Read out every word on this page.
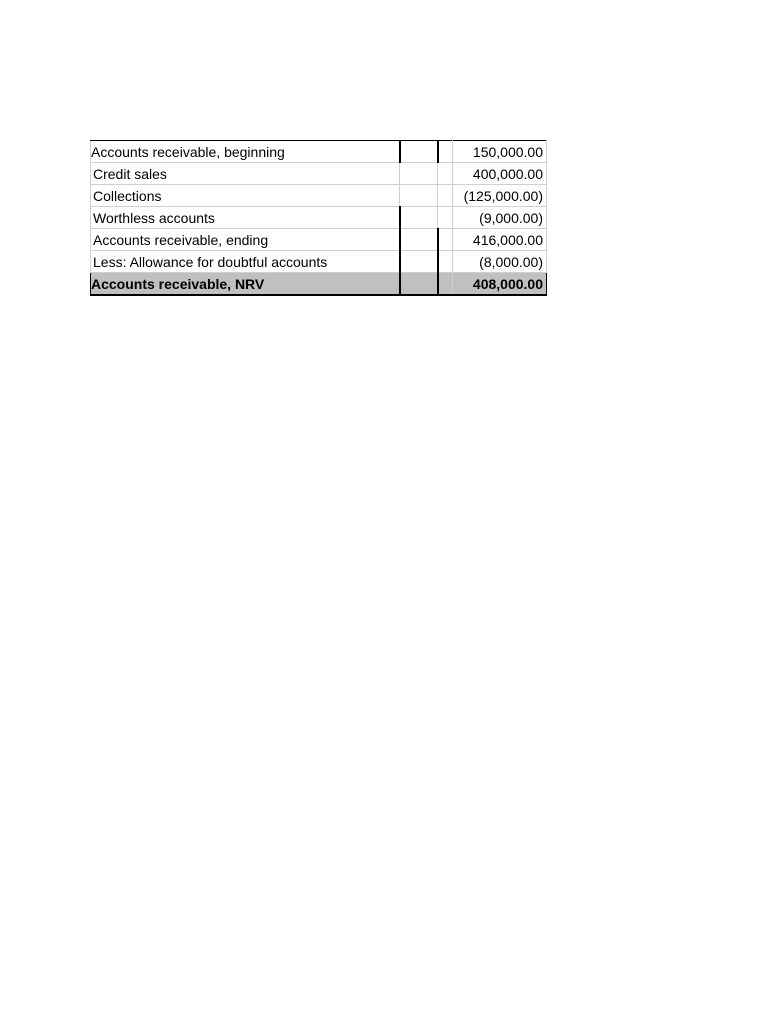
Accounts receivable, beginning			150,000.00
Credit sales			400,000.00
Collections			(125,000.00)
Worthless accounts			(9,000.00)
Accounts receivable, ending			416,000.00
Less: Allowance for doubtful accounts			(8,000.00)
Accounts receivable, NRV			408,000.00
